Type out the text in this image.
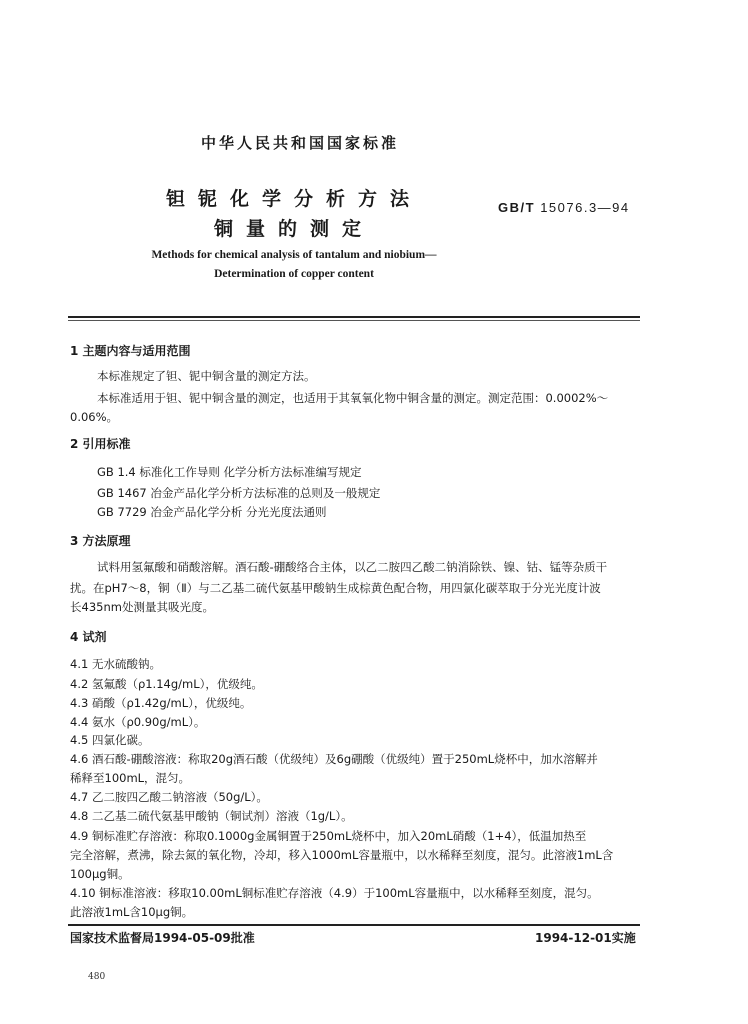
中华人民共和国国家标准
钽铌化学分析方法
铜量的测定
GB/T 15076.3—94
Methods for chemical analysis of tantalum and niobium—
Determination of copper content
1 主题内容与适用范围
本标准规定了钽、铌中铜含量的测定方法。
本标准适用于钽、铌中铜含量的测定，也适用于其氧氧化物中铜含量的测定。测定范围：0.0002%～
0.06%。
2 引用标准
GB 1.4 标准化工作导则 化学分析方法标准编写规定
GB 1467 冶金产品化学分析方法标准的总则及一般规定
GB 7729 冶金产品化学分析 分光光度法通则
3 方法原理
试料用氢氟酸和硝酸溶解。酒石酸-硼酸络合主体，以乙二胺四乙酸二钠消除铁、镍、钴、锰等杂质干
扰。在pH7～8，铜（Ⅱ）与二乙基二硫代氨基甲酸钠生成棕黄色配合物，用四氯化碳萃取于分光光度计波
长435nm处测量其吸光度。
4 试剂
4.1 无水硫酸钠。
4.2 氢氟酸（ρ1.14g/mL），优级纯。
4.3 硝酸（ρ1.42g/mL），优级纯。
4.4 氨水（ρ0.90g/mL）。
4.5 四氯化碳。
4.6 酒石酸-硼酸溶液：称取20g酒石酸（优级纯）及6g硼酸（优级纯）置于250mL烧杯中，加水溶解并
稀释至100mL，混匀。
4.7 乙二胺四乙酸二钠溶液（50g/L）。
4.8 二乙基二硫代氨基甲酸钠（铜试剂）溶液（1g/L）。
4.9 铜标准贮存溶液：称取0.1000g金属铜置于250mL烧杯中，加入20mL硝酸（1+4），低温加热至
完全溶解，煮沸，除去氮的氧化物，冷却，移入1000mL容量瓶中，以水稀释至刻度，混匀。此溶液1mL含
100μg铜。
4.10 铜标准溶液：移取10.00mL铜标准贮存溶液（4.9）于100mL容量瓶中，以水稀释至刻度，混匀。
此溶液1mL含10μg铜。
国家技术监督局1994-05-09批准	1994-12-01实施
480
